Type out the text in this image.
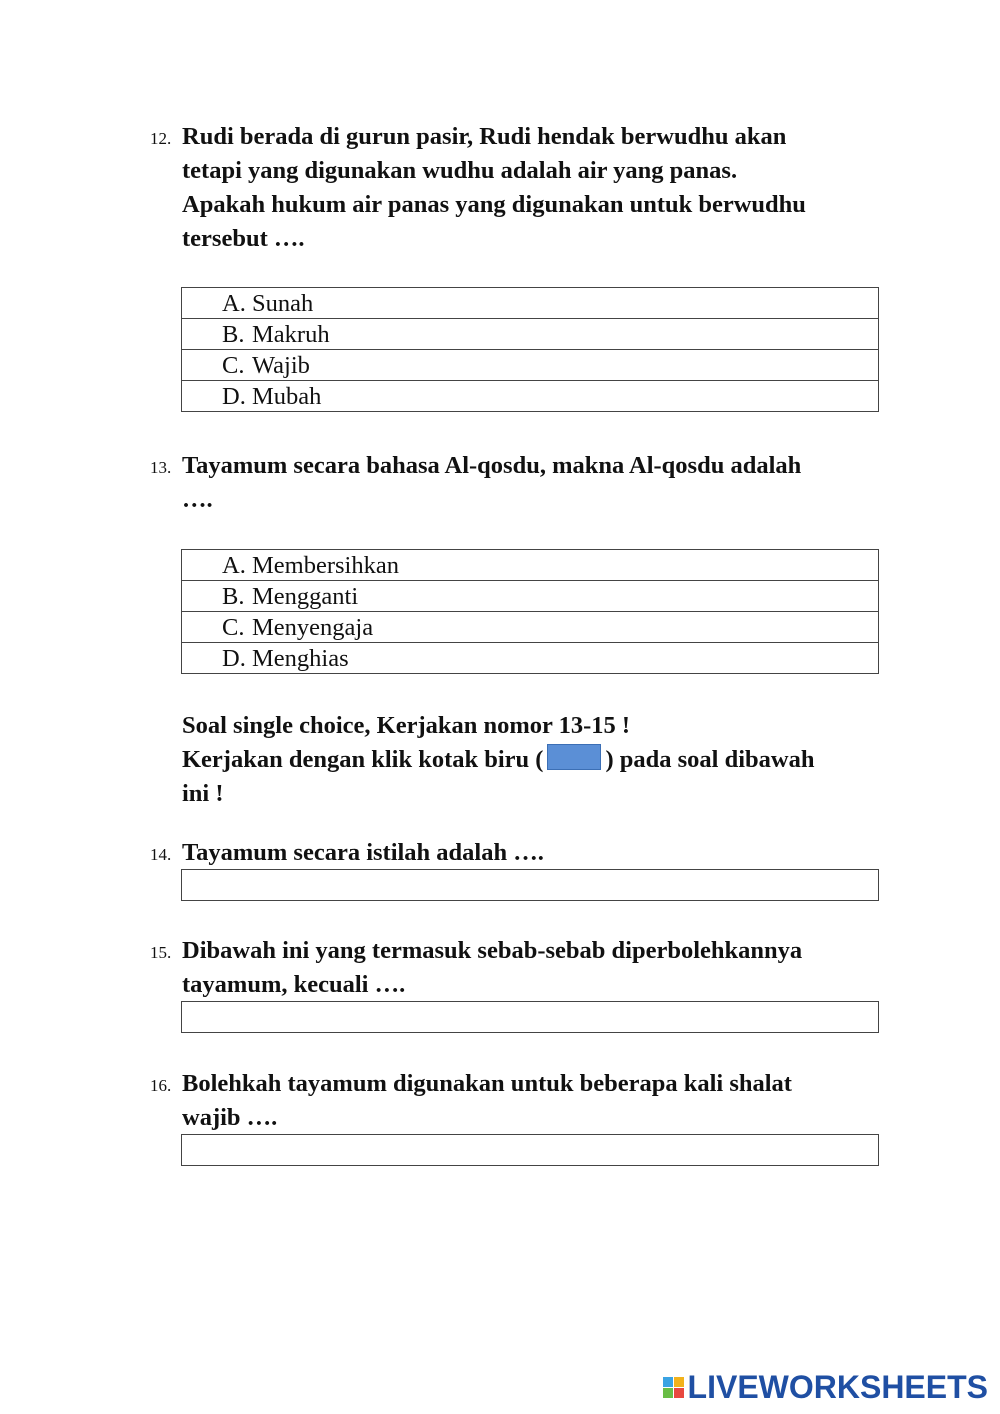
12. Rudi berada di gurun pasir, Rudi hendak berwudhu akan
tetapi yang digunakan wudhu adalah air yang panas.
Apakah hukum air panas yang digunakan untuk berwudhu
tersebut ….
A. Sunah
B. Makruh
C. Wajib
D. Mubah
13. Tayamum secara bahasa Al-qosdu, makna Al-qosdu adalah
….
A. Membersihkan
B. Mengganti
C. Menyengaja
D. Menghias
Soal single choice, Kerjakan nomor 13-15 !
Kerjakan dengan klik kotak biru (	) pada soal dibawah
ini !
14. Tayamum secara istilah adalah ….
15. Dibawah ini yang termasuk sebab-sebab diperbolehkannya
tayamum, kecuali ….
16. Bolehkah tayamum digunakan untuk beberapa kali shalat
wajib ….
LIVEWORKSHEETS
